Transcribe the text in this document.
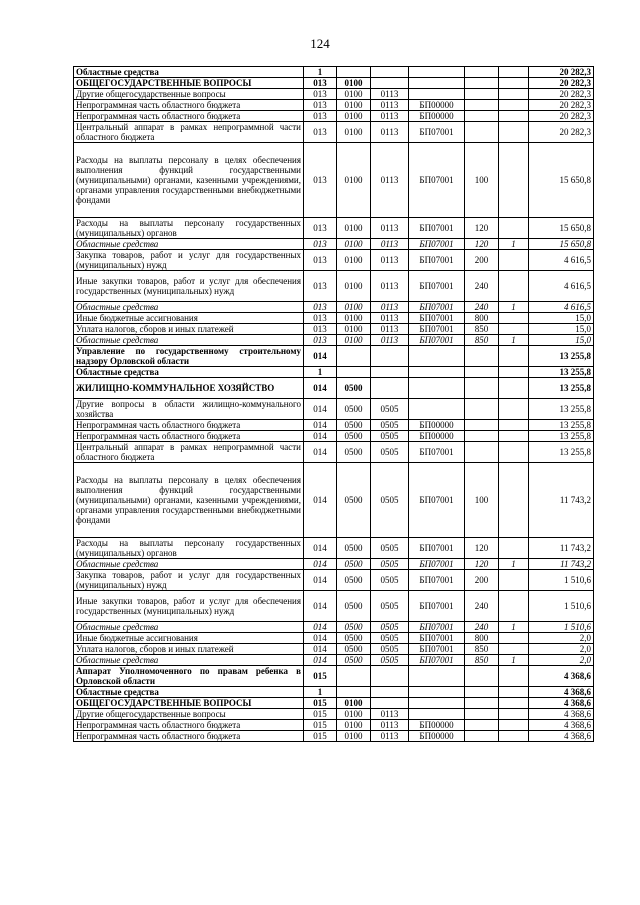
124
Областные средства	1						20 282,3
ОБЩЕГОСУДАРСТВЕННЫЕ ВОПРОСЫ	013	0100					20 282,3
Другие общегосударственные вопросы	013	0100	0113				20 282,3
Непрограммная часть областного бюджета	013	0100	0113	БП00000			20 282,3
Непрограммная часть областного бюджета	013	0100	0113	БП00000			20 282,3
Центральный аппарат в рамках непрограммной части областного бюджета	013	0100	0113	БП07001			20 282,3
Расходы на выплаты персоналу в целях обеспечения выполнения функций государственными (муниципальными) органами, казенными учреждениями, органами управления государственными внебюджетными фондами	013	0100	0113	БП07001	100		15 650,8
Расходы на выплаты персоналу государственных (муниципальных) органов	013	0100	0113	БП07001	120		15 650,8
Областные средства	013	0100	0113	БП07001	120	1	15 650,8
Закупка товаров, работ и услуг для государственных (муниципальных) нужд	013	0100	0113	БП07001	200		4 616,5
Иные закупки товаров, работ и услуг для обеспечения государственных (муниципальных) нужд	013	0100	0113	БП07001	240		4 616,5
Областные средства	013	0100	0113	БП07001	240	1	4 616,5
Иные бюджетные ассигнования	013	0100	0113	БП07001	800		15,0
Уплата налогов, сборов и иных платежей	013	0100	0113	БП07001	850		15,0
Областные средства	013	0100	0113	БП07001	850	1	15,0
Управление по государственному строительному надзору Орловской области	014						13 255,8
Областные средства	1						13 255,8
ЖИЛИЩНО-КОММУНАЛЬНОЕ ХОЗЯЙСТВО	014	0500					13 255,8
Другие вопросы в области жилищно-коммунального хозяйства	014	0500	0505				13 255,8
Непрограммная часть областного бюджета	014	0500	0505	БП00000			13 255,8
Непрограммная часть областного бюджета	014	0500	0505	БП00000			13 255,8
Центральный аппарат в рамках непрограммной части областного бюджета	014	0500	0505	БП07001			13 255,8
Расходы на выплаты персоналу в целях обеспечения выполнения функций государственными (муниципальными) органами, казенными учреждениями, органами управления государственными внебюджетными фондами	014	0500	0505	БП07001	100		11 743,2
Расходы на выплаты персоналу государственных (муниципальных) органов	014	0500	0505	БП07001	120		11 743,2
Областные средства	014	0500	0505	БП07001	120	1	11 743,2
Закупка товаров, работ и услуг для государственных (муниципальных) нужд	014	0500	0505	БП07001	200		1 510,6
Иные закупки товаров, работ и услуг для обеспечения государственных (муниципальных) нужд	014	0500	0505	БП07001	240		1 510,6
Областные средства	014	0500	0505	БП07001	240	1	1 510,6
Иные бюджетные ассигнования	014	0500	0505	БП07001	800		2,0
Уплата налогов, сборов и иных платежей	014	0500	0505	БП07001	850		2,0
Областные средства	014	0500	0505	БП07001	850	1	2,0
Аппарат Уполномоченного по правам ребенка в Орловской области	015						4 368,6
Областные средства	1						4 368,6
ОБЩЕГОСУДАРСТВЕННЫЕ ВОПРОСЫ	015	0100					4 368,6
Другие общегосударственные вопросы	015	0100	0113				4 368,6
Непрограммная часть областного бюджета	015	0100	0113	БП00000			4 368,6
Непрограммная часть областного бюджета	015	0100	0113	БП00000			4 368,6
